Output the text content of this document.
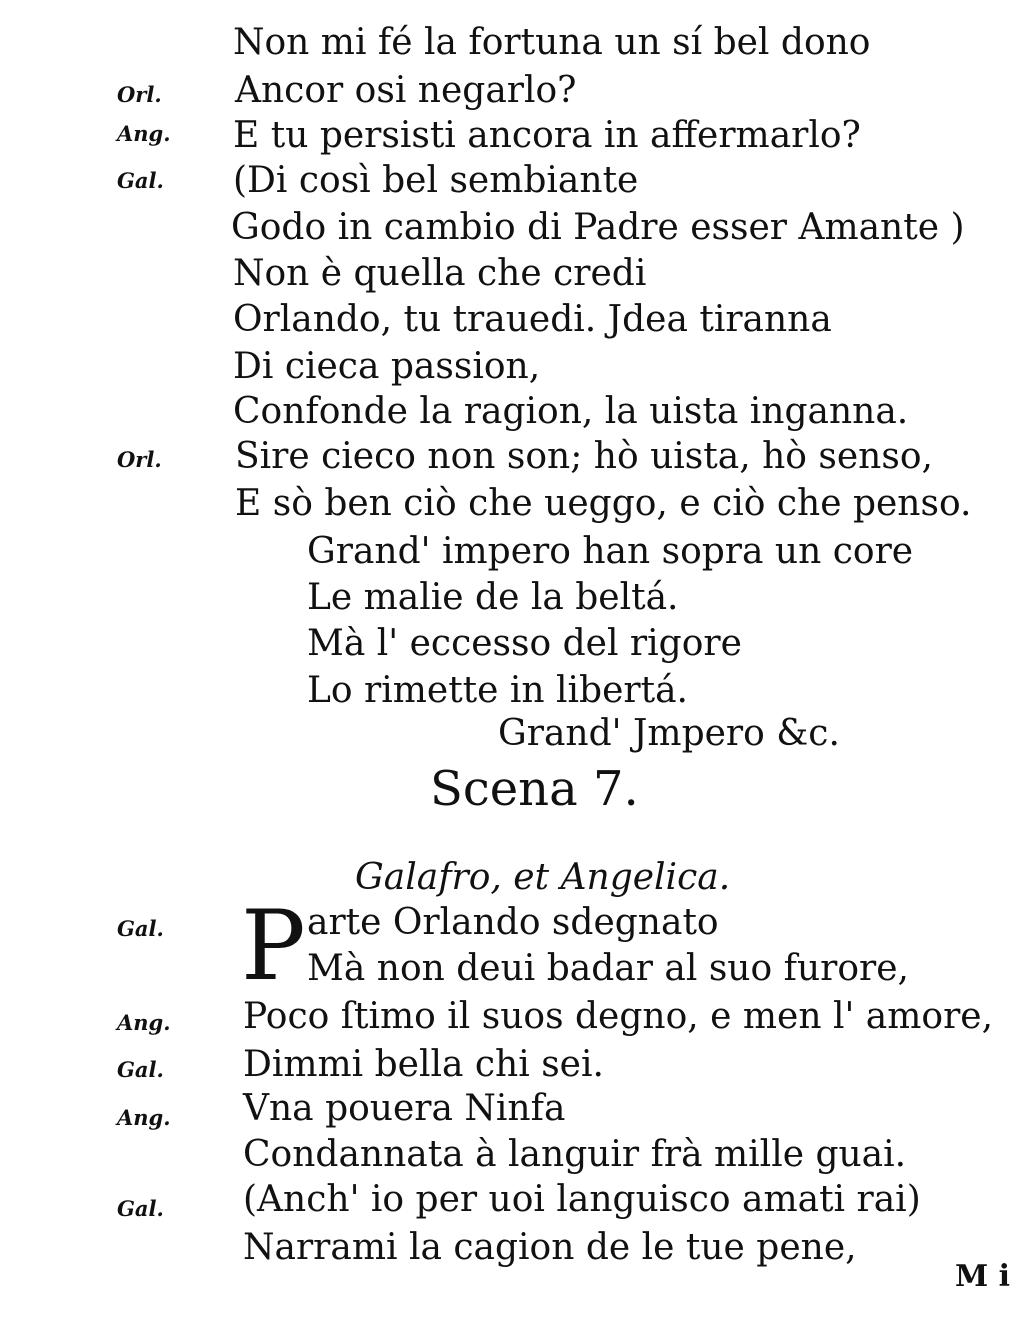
Orl.
Ang.
Gal.
Orl.
Gal.
Ang.
Gal.
Ang.
Gal.
Non mi fé la fortuna un sí bel dono
Ancor osi negarlo?
E tu persisti ancora in affermarlo?
(Di così bel sembiante
Godo in cambio di Padre esser Amante )
Non è quella che credi
Orlando, tu trauedi. Jdea tiranna
Di cieca passion,
Confonde la ragion, la uista inganna.
Sire cieco non son; hò uista, hò senso,
E sò ben ciò che ueggo, e ciò che penso.
Grand' impero han sopra un core
Le malie de la beltá.
Mà l' eccesso del rigore
Lo rimette in libertá.
Grand' Jmpero &c.
Scena 7.
Galafro, et Angelica.
P arte Orlando sdegnato
Mà non deui badar al suo furore,
Poco ſtimo il suos degno, e men l' amore,
Dimmi bella chi sei.
Vna pouera Ninfa
Condannata à languir frà mille guai.
(Anch' io per uoi languisco amati rai)
Narrami la cagion de le tue pene,
M i
